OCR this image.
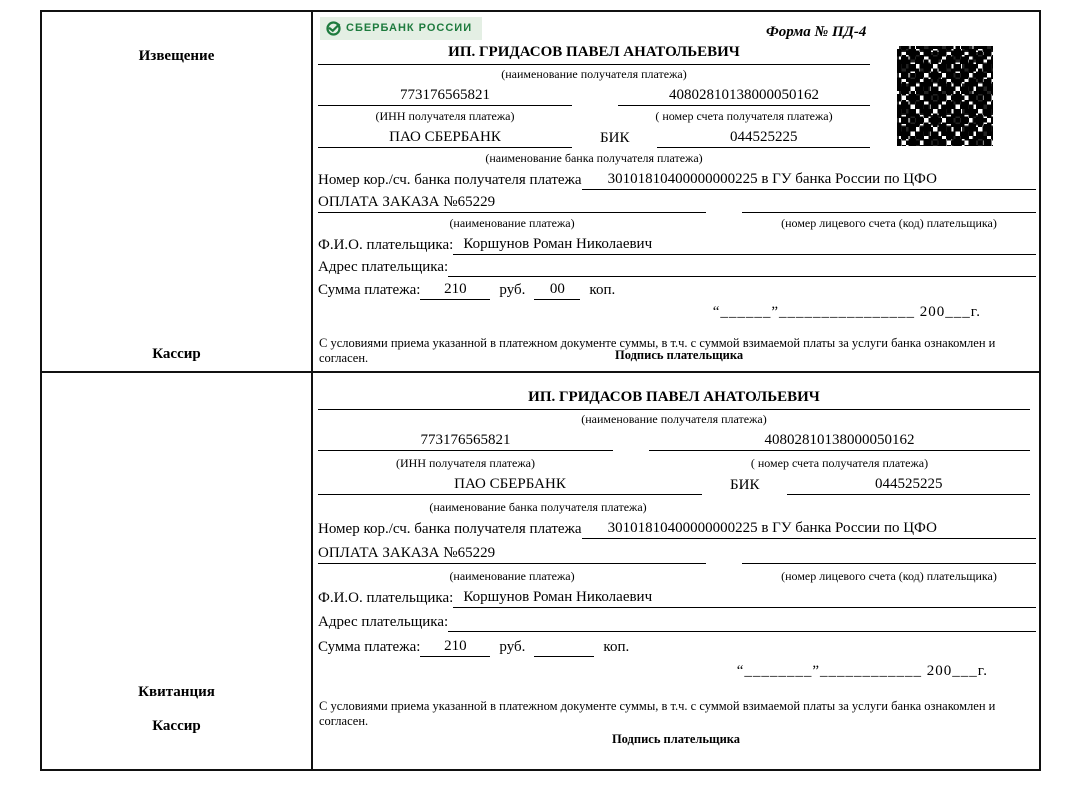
Извещение
Кассир
СБЕРБАНК РОССИИ	Форма № ПД-4
ИП. ГРИДАСОВ ПАВЕЛ АНАТОЛЬЕВИЧ
(наименование получателя платежа)
773176565821	40802810138000050162
(ИНН получателя платежа)	( номер счета получателя платежа)
ПАО СБЕРБАНК	БИК	044525225
(наименование банка получателя платежа)
Номер кор./сч. банка получателя платежа	30101810400000000225 в ГУ банка России по ЦФО
ОПЛАТА ЗАКАЗА №65229
(наименование платежа)	(номер лицевого счета (код) плательщика)
Ф.И.О. плательщика: Коршунов Роман Николаевич
Адрес плательщика:
Сумма платежа:	210	руб.	00	коп.
“______”________________ 200___г.
С условиями приема указанной в платежном документе суммы, в т.ч. с суммой взимаемой платы за услуги банка ознакомлен и согласен.	Подпись плательщика
Квитанция
Кассир
ИП. ГРИДАСОВ ПАВЕЛ АНАТОЛЬЕВИЧ
(наименование получателя платежа)
773176565821	40802810138000050162
(ИНН получателя платежа)	( номер счета получателя платежа)
ПАО СБЕРБАНК	БИК	044525225
(наименование банка получателя платежа)
Номер кор./сч. банка получателя платежа	30101810400000000225 в ГУ банка России по ЦФО
ОПЛАТА ЗАКАЗА №65229
(наименование платежа)	(номер лицевого счета (код) плательщика)
Ф.И.О. плательщика: Коршунов Роман Николаевич
Адрес плательщика:
Сумма платежа:	210	руб.	коп.
“________”____________ 200___г.
С условиями приема указанной в платежном документе суммы, в т.ч. с суммой взимаемой платы за услуги банка ознакомлен и согласен.
Подпись плательщика
